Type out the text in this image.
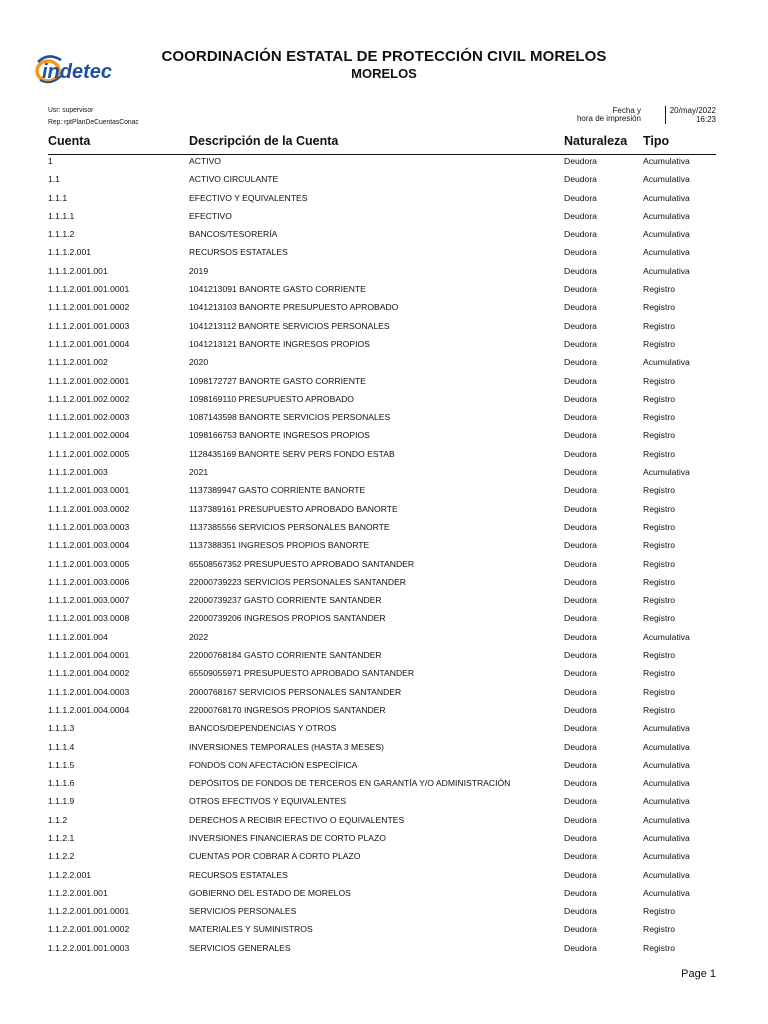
indetec
COORDINACIÓN ESTATAL DE PROTECCIÓN CIVIL MORELOS
MORELOS
Usr: supervisor
Rep: rptPlanDeCuentasConac
Fecha y
hora de impresión
20/may/2022
16:23
Cuenta	Descripción de la Cuenta	Naturaleza Tipo
1	ACTIVO	Deudora	Acumulativa
1.1	ACTIVO CIRCULANTE	Deudora	Acumulativa
1.1.1	EFECTIVO Y EQUIVALENTES	Deudora	Acumulativa
1.1.1.1	EFECTIVO	Deudora	Acumulativa
1.1.1.2	BANCOS/TESORERÍA	Deudora	Acumulativa
1.1.1.2.001	RECURSOS ESTATALES	Deudora	Acumulativa
1.1.1.2.001.001	2019	Deudora	Acumulativa
1.1.1.2.001.001.0001	1041213091 BANORTE GASTO CORRIENTE	Deudora	Registro
1.1.1.2.001.001.0002	1041213103 BANORTE PRESUPUESTO APROBADO	Deudora	Registro
1.1.1.2.001.001.0003	1041213112 BANORTE SERVICIOS PERSONALES	Deudora	Registro
1.1.1.2.001.001.0004	1041213121 BANORTE INGRESOS PROPIOS	Deudora	Registro
1.1.1.2.001.002	2020	Deudora	Acumulativa
1.1.1.2.001.002.0001	1098172727 BANORTE GASTO CORRIENTE	Deudora	Registro
1.1.1.2.001.002.0002	1098169110 PRESUPUESTO APROBADO	Deudora	Registro
1.1.1.2.001.002.0003	1087143598 BANORTE SERVICIOS PERSONALES	Deudora	Registro
1.1.1.2.001.002.0004	1098166753 BANORTE INGRESOS PROPIOS	Deudora	Registro
1.1.1.2.001.002.0005	1128435169 BANORTE SERV PERS FONDO ESTAB	Deudora	Registro
1.1.1.2.001.003	2021	Deudora	Acumulativa
1.1.1.2.001.003.0001	1137389947 GASTO CORRIENTE BANORTE	Deudora	Registro
1.1.1.2.001.003.0002	1137389161 PRESUPUESTO APROBADO BANORTE	Deudora	Registro
1.1.1.2.001.003.0003	1137385556 SERVICIOS PERSONALES BANORTE	Deudora	Registro
1.1.1.2.001.003.0004	1137388351 INGRESOS PROPIOS BANORTE	Deudora	Registro
1.1.1.2.001.003.0005	65508567352 PRESUPUESTO APROBADO SANTANDER	Deudora	Registro
1.1.1.2.001.003.0006	22000739223 SERVICIOS PERSONALES SANTANDER	Deudora	Registro
1.1.1.2.001.003.0007	22000739237 GASTO CORRIENTE SANTANDER	Deudora	Registro
1.1.1.2.001.003.0008	22000739206 INGRESOS PROPIOS SANTANDER	Deudora	Registro
1.1.1.2.001.004	2022	Deudora	Acumulativa
1.1.1.2.001.004.0001	22000768184 GASTO CORRIENTE SANTANDER	Deudora	Registro
1.1.1.2.001.004.0002	65509055971 PRESUPUESTO APROBADO SANTANDER	Deudora	Registro
1.1.1.2.001.004.0003	2000768167 SERVICIOS PERSONALES SANTANDER	Deudora	Registro
1.1.1.2.001.004.0004	22000768170 INGRESOS PROPIOS SANTANDER	Deudora	Registro
1.1.1.3	BANCOS/DEPENDENCIAS Y OTROS	Deudora	Acumulativa
1.1.1.4	INVERSIONES TEMPORALES (HASTA 3 MESES)	Deudora	Acumulativa
1.1.1.5	FONDOS CON AFECTACIÓN ESPECÍFICA	Deudora	Acumulativa
1.1.1.6	DEPÓSITOS DE FONDOS DE TERCEROS EN GARANTÍA Y/O ADMINISTRACIÓN	Deudora	Acumulativa
1.1.1.9	OTROS EFECTIVOS Y EQUIVALENTES	Deudora	Acumulativa
1.1.2	DERECHOS A RECIBIR EFECTIVO O EQUIVALENTES	Deudora	Acumulativa
1.1.2.1	INVERSIONES FINANCIERAS DE CORTO PLAZO	Deudora	Acumulativa
1.1.2.2	CUENTAS POR COBRAR A CORTO PLAZO	Deudora	Acumulativa
1.1.2.2.001	RECURSOS ESTATALES	Deudora	Acumulativa
1.1.2.2.001.001	GOBIERNO DEL ESTADO DE MORELOS	Deudora	Acumulativa
1.1.2.2.001.001.0001	SERVICIOS PERSONALES	Deudora	Registro
1.1.2.2.001.001.0002	MATERIALES Y SUMINISTROS	Deudora	Registro
1.1.2.2.001.001.0003	SERVICIOS GENERALES	Deudora	Registro
Page 1
